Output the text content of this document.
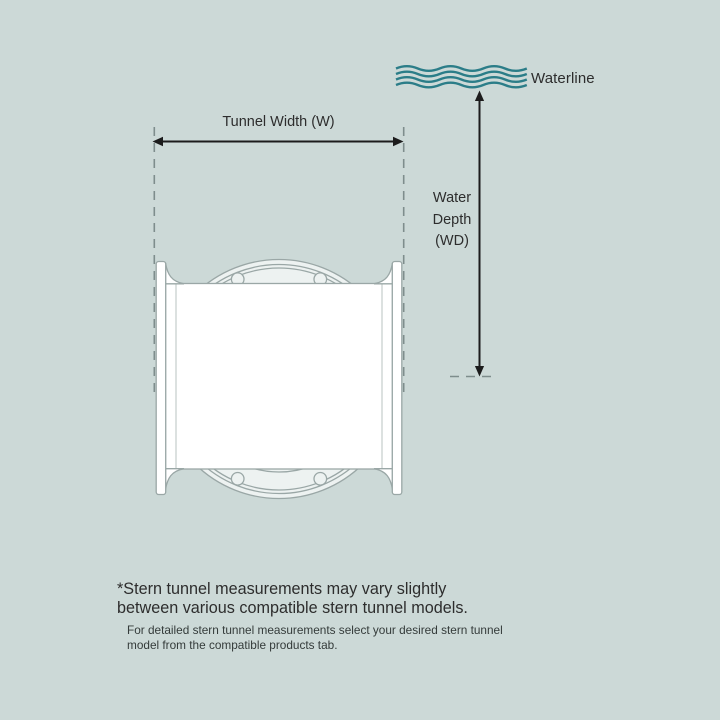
Waterline
Tunnel Width (W)
Water
Depth
(WD)
*Stern tunnel measurements may vary slightly
between various compatible stern tunnel models.
For detailed stern tunnel measurements select your desired stern tunnel
model from the compatible products tab.
